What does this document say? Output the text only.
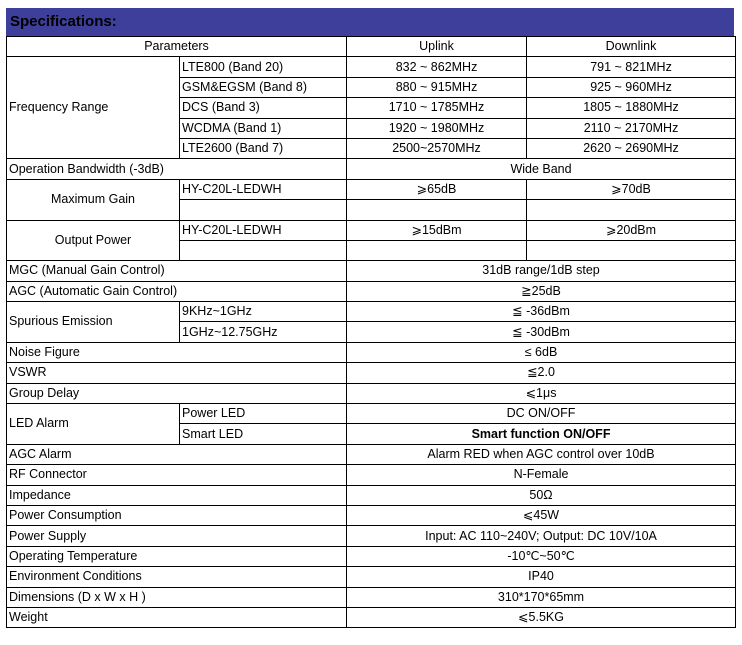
Specifications:
Parameters		Uplink	Downlink
Frequency Range	LTE800 (Band 20)	832 ~ 862MHz	791 ~ 821MHz
	GSM&EGSM (Band 8)	880 ~ 915MHz	925 ~ 960MHz
	DCS (Band 3)	1710 ~ 1785MHz	1805 ~ 1880MHz
	WCDMA (Band 1)	1920 ~ 1980MHz	2110 ~ 2170MHz
	LTE2600 (Band 7)	2500~2570MHz	2620 ~ 2690MHz
Operation Bandwidth (-3dB)		Wide Band	
Maximum Gain	HY-C20L-LEDWH	⩾65dB	⩾70dB

Output Power	HY-C20L-LEDWH	⩾15dBm	⩾20dBm

MGC (Manual Gain Control)		31dB range/1dB step	
AGC (Automatic Gain Control)		≧25dB	
Spurious Emission	9KHz~1GHz	≦ -36dBm	
	1GHz~12.75GHz	≦ -30dBm	
Noise Figure		≤ 6dB	
VSWR		≦2.0	
Group Delay		⩽1μs	
LED Alarm	Power LED	DC ON/OFF	
	Smart LED	Smart function ON/OFF	
AGC Alarm		Alarm RED when AGC control over 10dB	
RF Connector		N-Female	
Impedance		50Ω	
Power Consumption		⩽45W	
Power Supply		Input: AC 110~240V; Output: DC 10V/10A	
Operating Temperature		-10℃~50℃	
Environment Conditions		IP40	
Dimensions (D x W x H )		310*170*65mm	
Weight		⩽5.5KG	
